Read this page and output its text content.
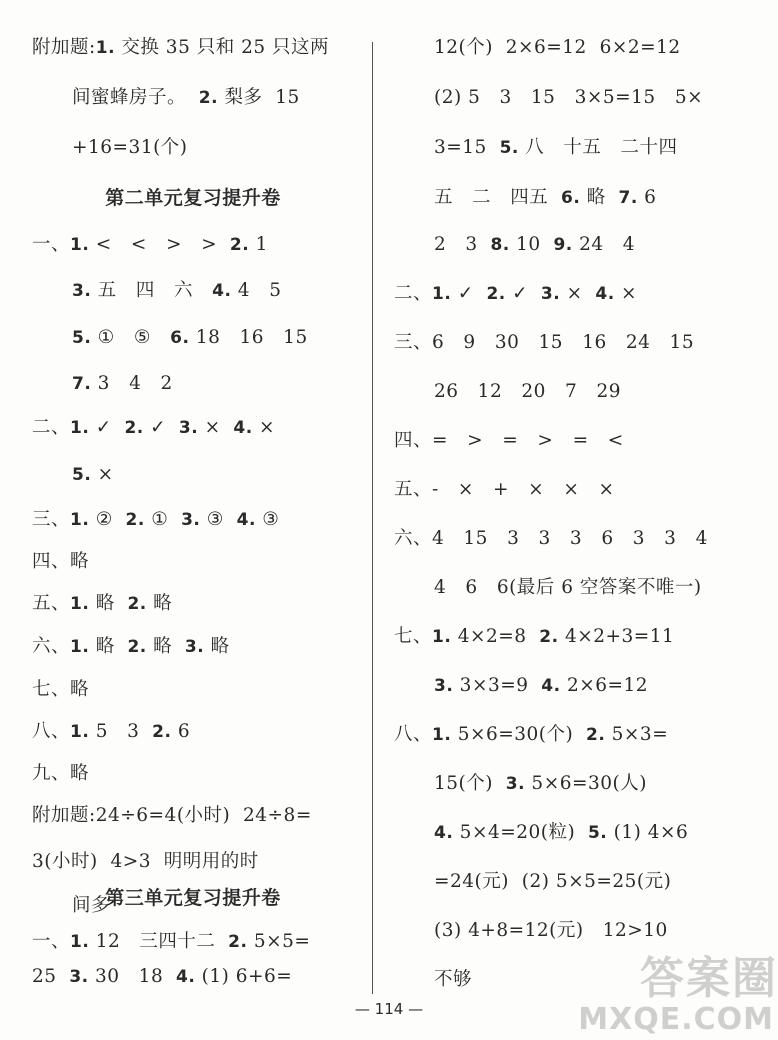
附加题:1. 交换 35 只和 25 只这两
间蜜蜂房子。  2. 梨多  15
+16=31(个)
第二单元复习提升卷
一、1. <   <   >   >  2. 1
3. 五   四   六   4. 4   5
5. ①   ⑤   6. 18   16   15
7. 3   4   2
二、1. ✓  2. ✓  3. ×  4. ×
5. ×
三、1. ②  2. ①  3. ③  4. ③
四、略
五、1. 略  2. 略
六、1. 略  2. 略  3. 略
七、略
八、1. 5   3  2. 6
九、略
附加题:24÷6=4(小时)  24÷8=
3(小时)  4>3  明明用的时
间多
第三单元复习提升卷
一、1. 12   三四十二  2. 5×5=
25  3. 30   18  4. (1) 6+6=
12(个)  2×6=12  6×2=12
(2) 5   3   15   3×5=15   5×
3=15  5. 八   十五   二十四
五   二   四五  6. 略  7. 6
2   3  8. 10  9. 24   4
二、1. ✓  2. ✓  3. ×  4. ×
三、6   9   30   15   16   24   15
26   12   20   7   29
四、=   >   =   >   =   <
五、-   ×   +   ×   ×   ×
六、4   15   3   3   3   6   3   3   4
4   6   6(最后 6 空答案不唯一)
七、1. 4×2=8  2. 4×2+3=11
3. 3×3=9  4. 2×6=12
八、1. 5×6=30(个)  2. 5×3=
15(个)  3. 5×6=30(人)
4. 5×4=20(粒)  5. (1) 4×6
=24(元)  (2) 5×5=25(元)
(3) 4+8=12(元)   12>10
不够
— 114 —
答案圈
MXQE.COM
